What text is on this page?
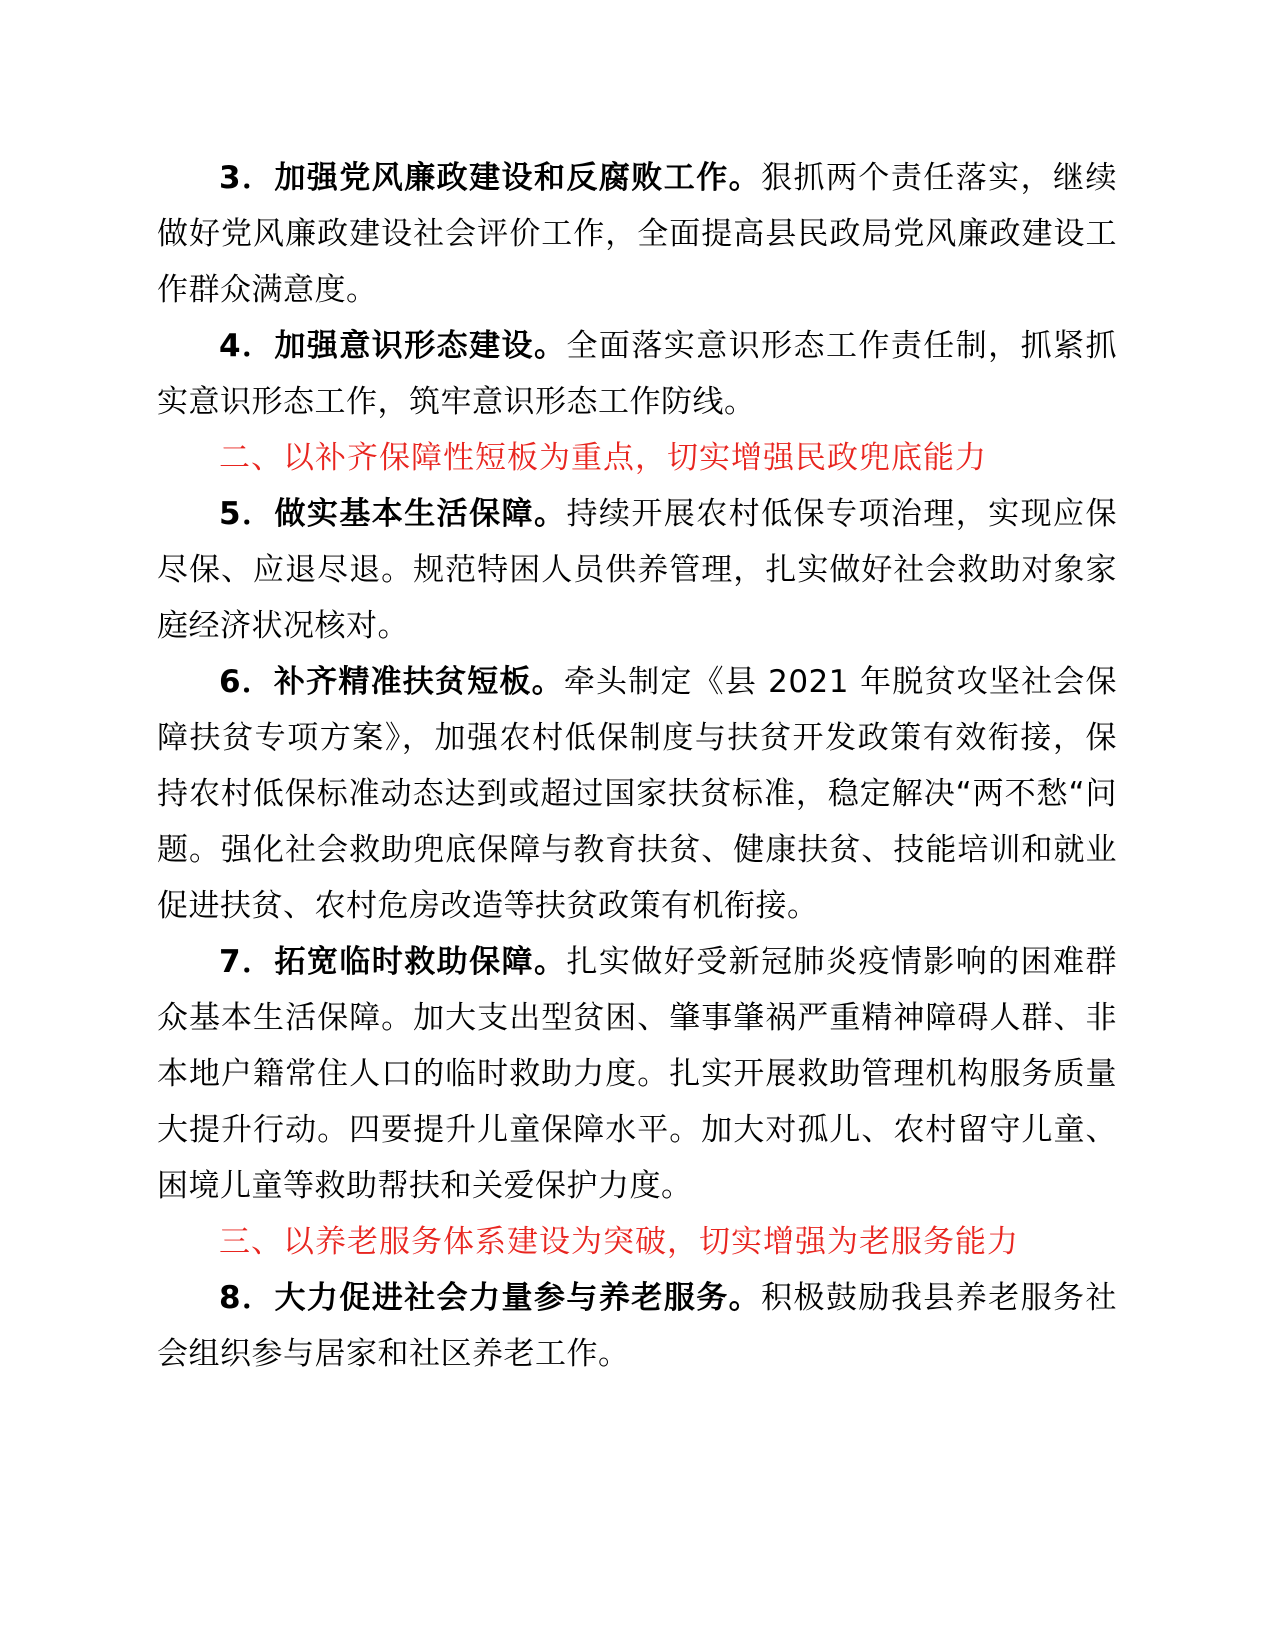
3．加强党风廉政建设和反腐败工作。狠抓两个责任落实，继续做好党风廉政建设社会评价工作，全面提高县民政局党风廉政建设工作群众满意度。

4．加强意识形态建设。全面落实意识形态工作责任制，抓紧抓实意识形态工作，筑牢意识形态工作防线。

二、以补齐保障性短板为重点，切实增强民政兜底能力

5．做实基本生活保障。持续开展农村低保专项治理，实现应保尽保、应退尽退。规范特困人员供养管理，扎实做好社会救助对象家庭经济状况核对。

6．补齐精准扶贫短板。牵头制定《县 2021 年脱贫攻坚社会保障扶贫专项方案》，加强农村低保制度与扶贫开发政策有效衔接，保持农村低保标准动态达到或超过国家扶贫标准，稳定解决“两不愁“问题。强化社会救助兜底保障与教育扶贫、健康扶贫、技能培训和就业促进扶贫、农村危房改造等扶贫政策有机衔接。

7．拓宽临时救助保障。扎实做好受新冠肺炎疫情影响的困难群众基本生活保障。加大支出型贫困、肇事肇祸严重精神障碍人群、非本地户籍常住人口的临时救助力度。扎实开展救助管理机构服务质量大提升行动。四要提升儿童保障水平。加大对孤儿、农村留守儿童、困境儿童等救助帮扶和关爱保护力度。

三、以养老服务体系建设为突破，切实增强为老服务能力

8．大力促进社会力量参与养老服务。积极鼓励我县养老服务社会组织参与居家和社区养老工作。
